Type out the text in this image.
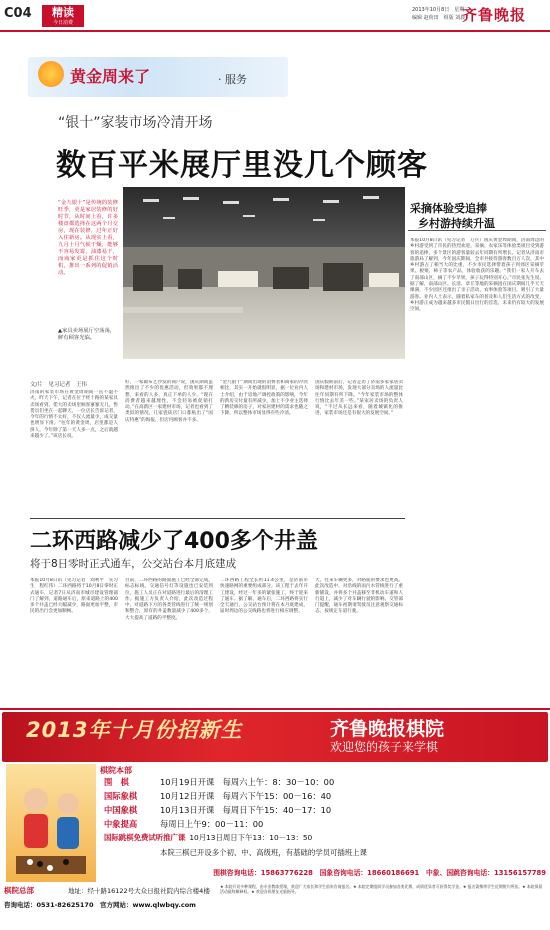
C04	精读
今日消费
2013年10月8日　星期二
编辑 赵荷田　组版 刘晨
齐鲁晚报
黄金周来了	· 服务
“银十”家装市场冷清开场
数百平米展厅里没几个顾客
“金九银十”是传统的装修旺季，更是家居装修的好时节，从时间上看，许多楼盘都选择在这两个月交房，现在装修，过年正好入住新房。从现实上看，九月十月气候干燥，能够不容易发霉，油漆易干，而商家更是抓住这个时机，推出一系列的促销活动。
▲家具卖场展厅空荡荡，鲜有顾客光临。
文/片　见习记者　王伟
济南的家装市场在黄金周期间一直不温不火，昨天下午，记者在位于经十路的某家具卖场看到，偌大的卖场里顾客寥寥无几，售货员们坐在一起聊天，一位店长告诉记者，今年的行情不太好，不仅人流量少，成交量也明显下滑。“往年的黄金周，店里都是人挤人，今年除了第一天人多一点，之后就越来越少了。”该店长说。
好，一家做布艺沙发的商户说，国庆期间虽然推出了不少的优惠活动，但效果都不理想，来看的人多，真正下单的人少。“现在消费者越来越理性，不会轻易被促销打动。”在高新区一家建材市场，记者也看到了类似的情况，几家瓷砖店门口都贴出了“国庆特惠”的海报，但店内顾客并不多。
“金九银十”期间出现的消费者和商家的冷淡相比，其实一开始就很明显，据一位业内人士介绍，由于房地产调控政策的影响，今年的新房交付量有所减少，加上不少业主选择了精装修的房子，对家居建材的需求也随之下降，所以整体市场显得有些冷清。
国庆假期前后，记者走访了济南多家家居卖场和建材市场，发现大部分卖场的人流量比往年同期有所下降。“今年家装市场的整体行情比去年差一些。”某家居卖场的负责人说，“不过从长远来看，随着城镇化的推进，家装市场还是有很大的发展空间。”
采摘体验受追捧
乡村游持续升温
本报10月8日讯（见习记者　万兵）国庆黄金周期间，济南周边的乡村游受到了市民的热烈欢迎。采摘、农家乐等体验类项目受到游客的追捧，多个景区的游客量较去年同期有所增长。记者从济南市旅游局了解到，今年国庆期间，全市共接待游客数百万人次，其中乡村游占了相当大的比重，不少市民选择带着孩子到郊区采摘苹果、板栗、柿子等农产品，体验收获的乐趣。“我们一家人开车去了南部山区，摘了不少苹果，孩子玩得特别开心。”市民张先生说。据了解，南部山区、长清、章丘等地的采摘园在国庆期间几乎天天爆满，不少园区还推出了亲子活动、农事体验等项目，吸引了大量游客。业内人士表示，随着私家车的普及和人们生活方式的改变，乡村游正成为越来越多市民假日出行的首选，未来仍有较大的发展空间。
二环西路减少了400多个井盖
将于8日零时正式通车，公交站台本月底建成
本报10月8日讯（见习记者　刘利平　实习生　程红伟）二环西路将于10月8日零时正式通车，记者7日从济南市城市建设管理部门了解到，道路通车后，原来道路上的400多个井盖已经大幅减少，路面更加平整，市民的出行会更加顺畅。
目前，二环西路的路面施工已经全部完成，标志标线、交通信号灯等设施也已安装到位，施工人员正在对道路进行最后的清理工作。据施工方负责人介绍，此次改造过程中，对道路下方的各类管线进行了统一规划和整合，原有的井盖数量减少了400多个，大大提高了道路的平整度。
二环西路工程全长约11.4公里，是济南市快速路网的重要组成部分。该工程于去年开工建设，经过一年多的紧张施工，终于迎来了通车。据了解，通车后，二环西路将实行全天通行，公交站台预计将在本月底建成，届时周边的公交线路也将进行相应调整。
大，往来车辆更多，对路面的要求也更高。此次改造中，对沿线的雨污水管线进行了重新铺设，并将多个井盖移至非机动车道和人行道上，减少了对车辆行驶的影响。交管部门提醒，通车初期请驾驶员注意观察交通标志，按规定车道行驶。
2013年十月份招新生	齐鲁晚报棋院
欢迎您的孩子来学棋
棋院本部
围　棋	10月19日开课　每周六上午：8：30－10：00
国际象棋	10月12日开课　每周六下午15：00－16：40
中国象棋	10月13日开课　每周日下午15：40－17：10
中象提高	每周日上午9：00－11：00
国际跳棋免费试听推广课 10月13日周日下午13：10－13：50
本院三棋已开设多个初、中、高级班，有基础的学员可插班上课
围棋咨询电话：15863776228　国象咨询电话：18660186691　中象、国跳咨询电话：13156157789
棋院总部	地址：经十路16122号大众日报社院内综合楼4楼
咨询电话：0531-82625170　官方网站：www.qlwbqy.com
★ 本院开设多种课程，由专业教练授课，欢迎广大家长和学生前来咨询报名。★ 本院定期组织学员参加各类比赛，成绩优异者可获得奖学金。★ 报名需携带学生近期照片两张。★ 本院保留活动最终解释权。★ 欢迎各界朋友光临指导。
